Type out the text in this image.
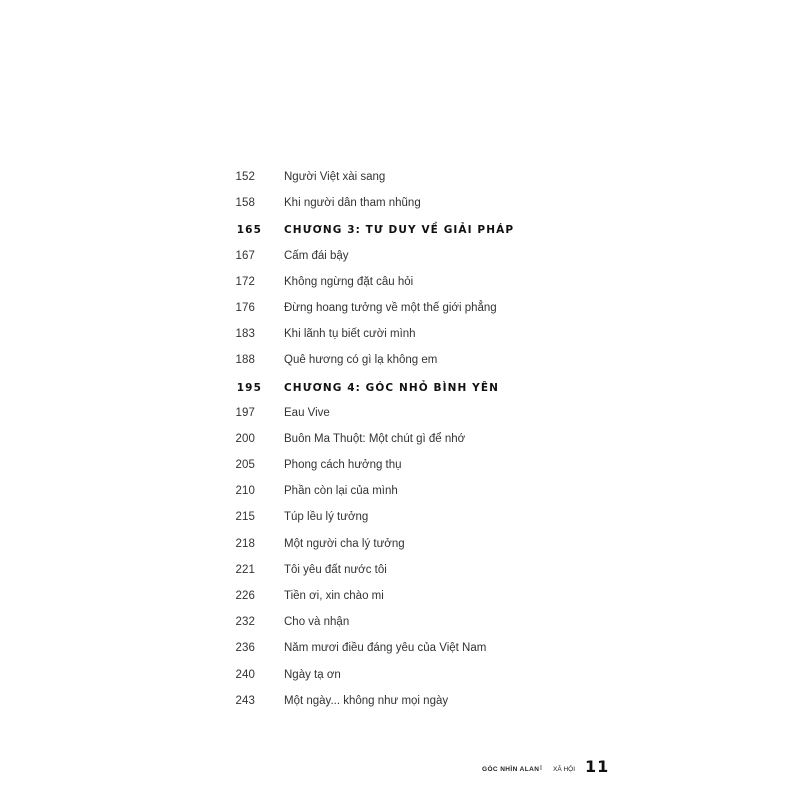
152	Người Việt xài sang
158	Khi người dân tham nhũng
165 CHƯƠNG 3: TƯ DUY VỀ GIẢI PHÁP
167	Cấm đái bậy
172	Không ngừng đặt câu hỏi
176	Đừng hoang tưởng về một thế giới phẳng
183	Khi lãnh tụ biết cười mình
188	Quê hương có gì lạ không em
195 CHƯƠNG 4: GÓC NHỎ BÌNH YÊN
197	Eau Vive
200	Buôn Ma Thuột: Một chút gì để nhớ
205	Phong cách hưởng thụ
210	Phần còn lại của mình
215	Túp lều lý tưởng
218	Một người cha lý tưởng
221	Tôi yêu đất nước tôi
226	Tiền ơi, xin chào mi
232	Cho và nhận
236	Năm mươi điều đáng yêu của Việt Nam
240	Ngày tạ ơn
243	Một ngày... không như mọi ngày
GÓC NHÌN ALAN I XÃ HỘI 11
